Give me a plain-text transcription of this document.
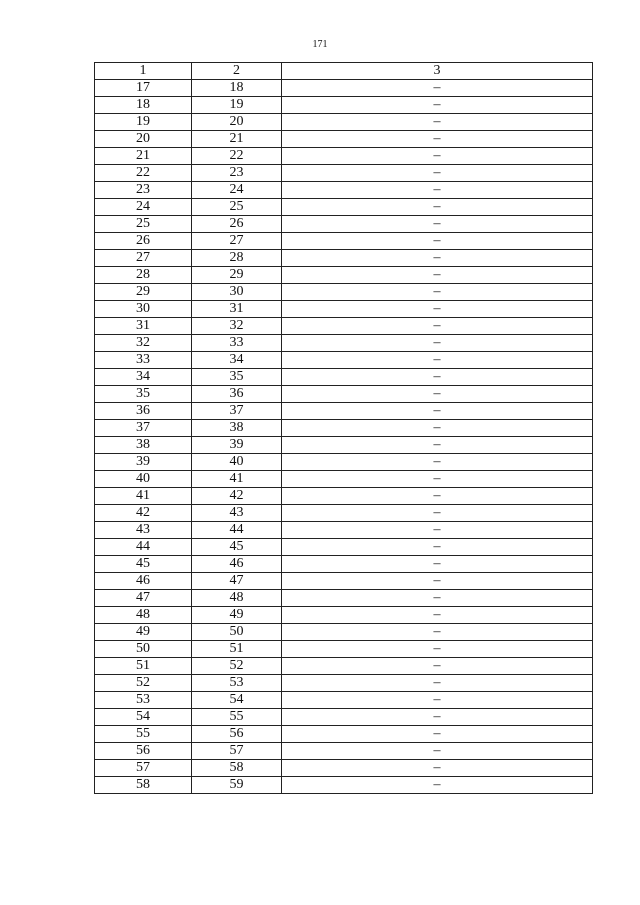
171
1	2	3
17	18	–
18	19	–
19	20	–
20	21	–
21	22	–
22	23	–
23	24	–
24	25	–
25	26	–
26	27	–
27	28	–
28	29	–
29	30	–
30	31	–
31	32	–
32	33	–
33	34	–
34	35	–
35	36	–
36	37	–
37	38	–
38	39	–
39	40	–
40	41	–
41	42	–
42	43	–
43	44	–
44	45	–
45	46	–
46	47	–
47	48	–
48	49	–
49	50	–
50	51	–
51	52	–
52	53	–
53	54	–
54	55	–
55	56	–
56	57	–
57	58	–
58	59	–
